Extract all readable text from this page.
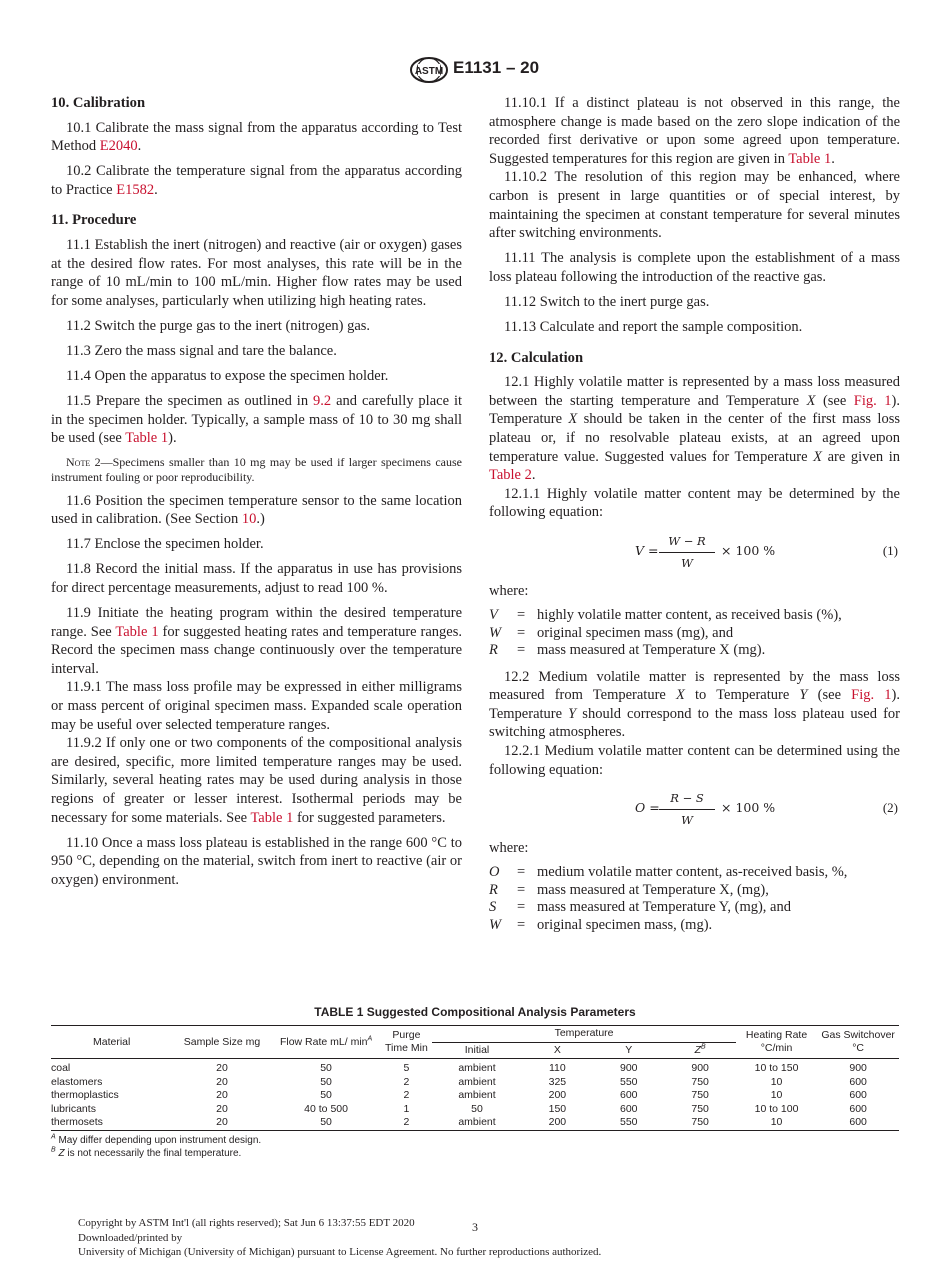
ASTM E1131 – 20
10. Calibration

10.1 Calibrate the mass signal from the apparatus according to Test Method E2040.

10.2 Calibrate the temperature signal from the apparatus according to Practice E1582.

11. Procedure

11.1 Establish the inert (nitrogen) and reactive (air or oxygen) gases at the desired flow rates. For most analyses, this rate will be in the range of 10 mL/min to 100 mL/min. Higher flow rates may be used for some analyses, particularly when utilizing high heating rates.

11.2 Switch the purge gas to the inert (nitrogen) gas.

11.3 Zero the mass signal and tare the balance.

11.4 Open the apparatus to expose the specimen holder.

11.5 Prepare the specimen as outlined in 9.2 and carefully place it in the specimen holder. Typically, a sample mass of 10 to 30 mg shall be used (see Table 1).

Note 2—Specimens smaller than 10 mg may be used if larger specimens cause instrument fouling or poor reproducibility.

11.6 Position the specimen temperature sensor to the same location used in calibration. (See Section 10.)

11.7 Enclose the specimen holder.

11.8 Record the initial mass. If the apparatus in use has provisions for direct percentage measurements, adjust to read 100 %.

11.9 Initiate the heating program within the desired temperature range. See Table 1 for suggested heating rates and temperature ranges. Record the specimen mass change continuously over the temperature interval.

11.9.1 The mass loss profile may be expressed in either milligrams or mass percent of original specimen mass. Expanded scale operation may be useful over selected temperature ranges.

11.9.2 If only one or two components of the compositional analysis are desired, specific, more limited temperature ranges may be used. Similarly, several heating rates may be used during analysis in those regions of greater or lesser interest. Isothermal periods may be necessary for some materials. See Table 1 for suggested parameters.

11.10 Once a mass loss plateau is established in the range 600 °C to 950 °C, depending on the material, switch from inert to reactive (air or oxygen) environment.

11.10.1 If a distinct plateau is not observed in this range, the atmosphere change is made based on the zero slope indication of the recorded first derivative or upon some agreed upon temperature. Suggested temperatures for this region are given in Table 1.

11.10.2 The resolution of this region may be enhanced, where carbon is present in large quantities or of special interest, by maintaining the specimen at constant temperature for several minutes after switching environments.

11.11 The analysis is complete upon the establishment of a mass loss plateau following the introduction of the reactive gas.

11.12 Switch to the inert purge gas.

11.13 Calculate and report the sample composition.

12. Calculation

12.1 Highly volatile matter is represented by a mass loss measured between the starting temperature and Temperature X (see Fig. 1). Temperature X should be taken in the center of the first mass loss plateau or, if no resolvable plateau exists, at an agreed upon temperature value. Suggested values for Temperature X are given in Table 2.

12.1.1 Highly volatile matter content may be determined by the following equation:

$V = \frac{W - R}{W} \times 100$ %	(1)

where:

V	= highly volatile matter content, as received basis (%),
W	= original specimen mass (mg), and
R	= mass measured at Temperature X (mg).

12.2 Medium volatile matter is represented by the mass loss measured from Temperature X to Temperature Y (see Fig. 1). Temperature Y should correspond to the mass loss plateau used for switching atmospheres.

12.2.1 Medium volatile matter content can be determined using the following equation:

$O = \frac{R - S}{W} \times 100$ %	(2)

where:

O	= medium volatile matter content, as-received basis, %,
R	= mass measured at Temperature X, (mg),
S	= mass measured at Temperature Y, (mg), and
W	= original specimen mass, (mg).
TABLE 1 Suggested Compositional Analysis Parameters
Material	Sample Size mg	Flow Rate mL/ $\min^A$	Purge Time Min	Temperature				Heating Rate °C/min	Gas Switchover °C
				Initial	X	Y	$Z^B$
coal	20	50	5	ambient	110	900	900	10 to 150	900
elastomers	20	50	2	ambient	325	550	750	10	600
thermoplastics	20	50	2	ambient	200	600	750	10	600
lubricants	20	40 to 500	1	50	150	600	750	10 to 100	600
thermosets	20	50	2	ambient	200	550	750	10	600
$^A$ May differ depending upon instrument design.
$^B$ Z is not necessarily the final temperature.
Copyright by ASTM Int'l (all rights reserved); Sat Jun 6 13:37:55 EDT 2020
Downloaded/printed by
University of Michigan (University of Michigan) pursuant to License Agreement. No further reproductions authorized.
3
